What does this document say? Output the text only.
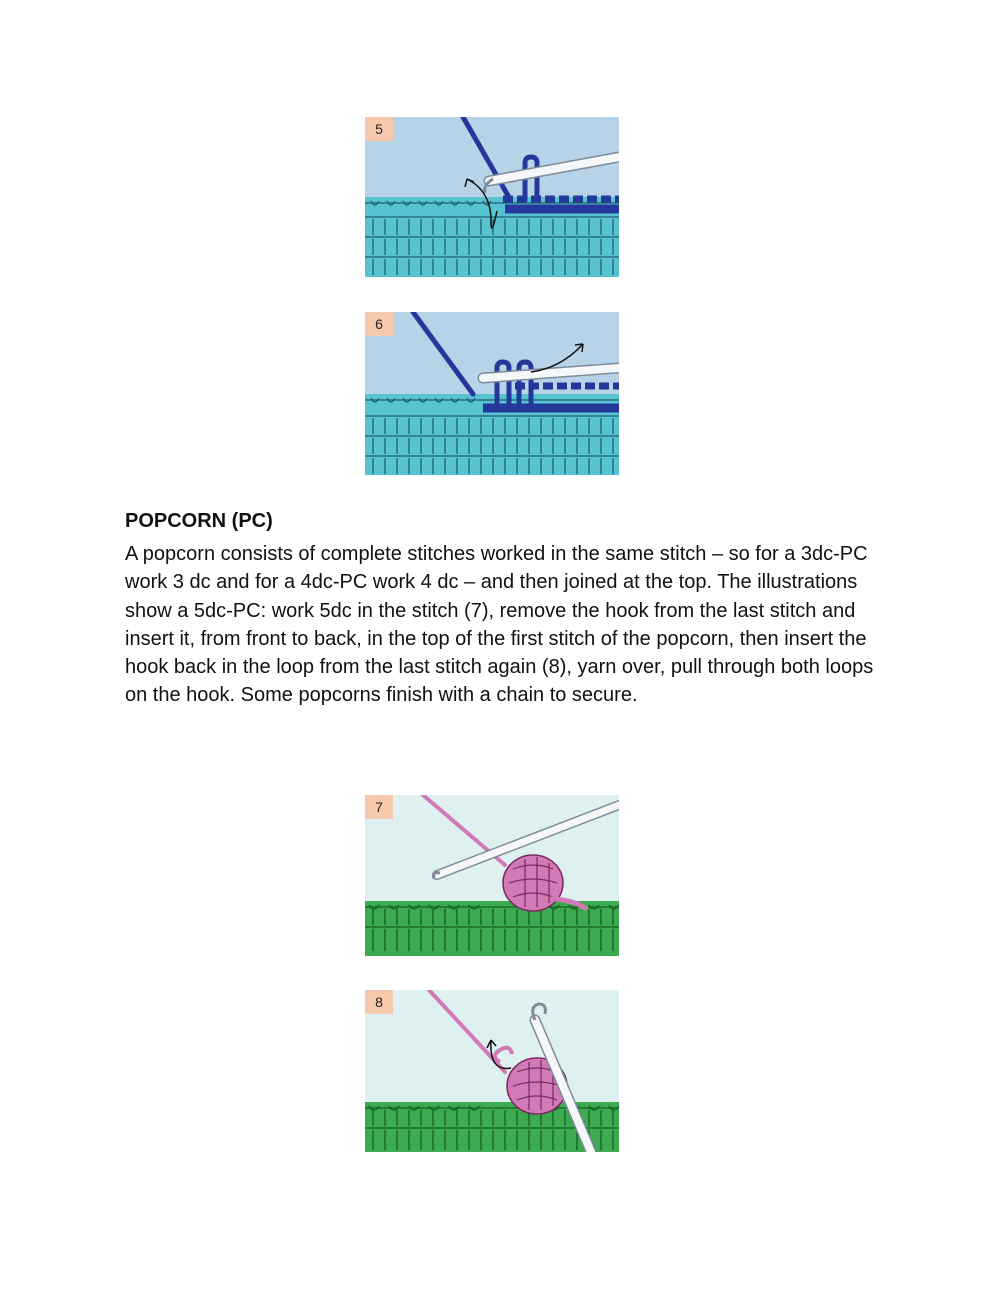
5
6
POPCORN (PC)

A popcorn consists of complete stitches worked in the same stitch – so for a 3dc-PC work 3 dc and for a 4dc-PC work 4 dc – and then joined at the top. The illustrations show a 5dc-PC: work 5dc in the stitch (7), remove the hook from the last stitch and insert it, from front to back, in the top of the first stitch of the popcorn, then insert the hook back in the loop from the last stitch again (8), yarn over, pull through both loops on the hook. Some popcorns finish with a chain to secure.

7
8
